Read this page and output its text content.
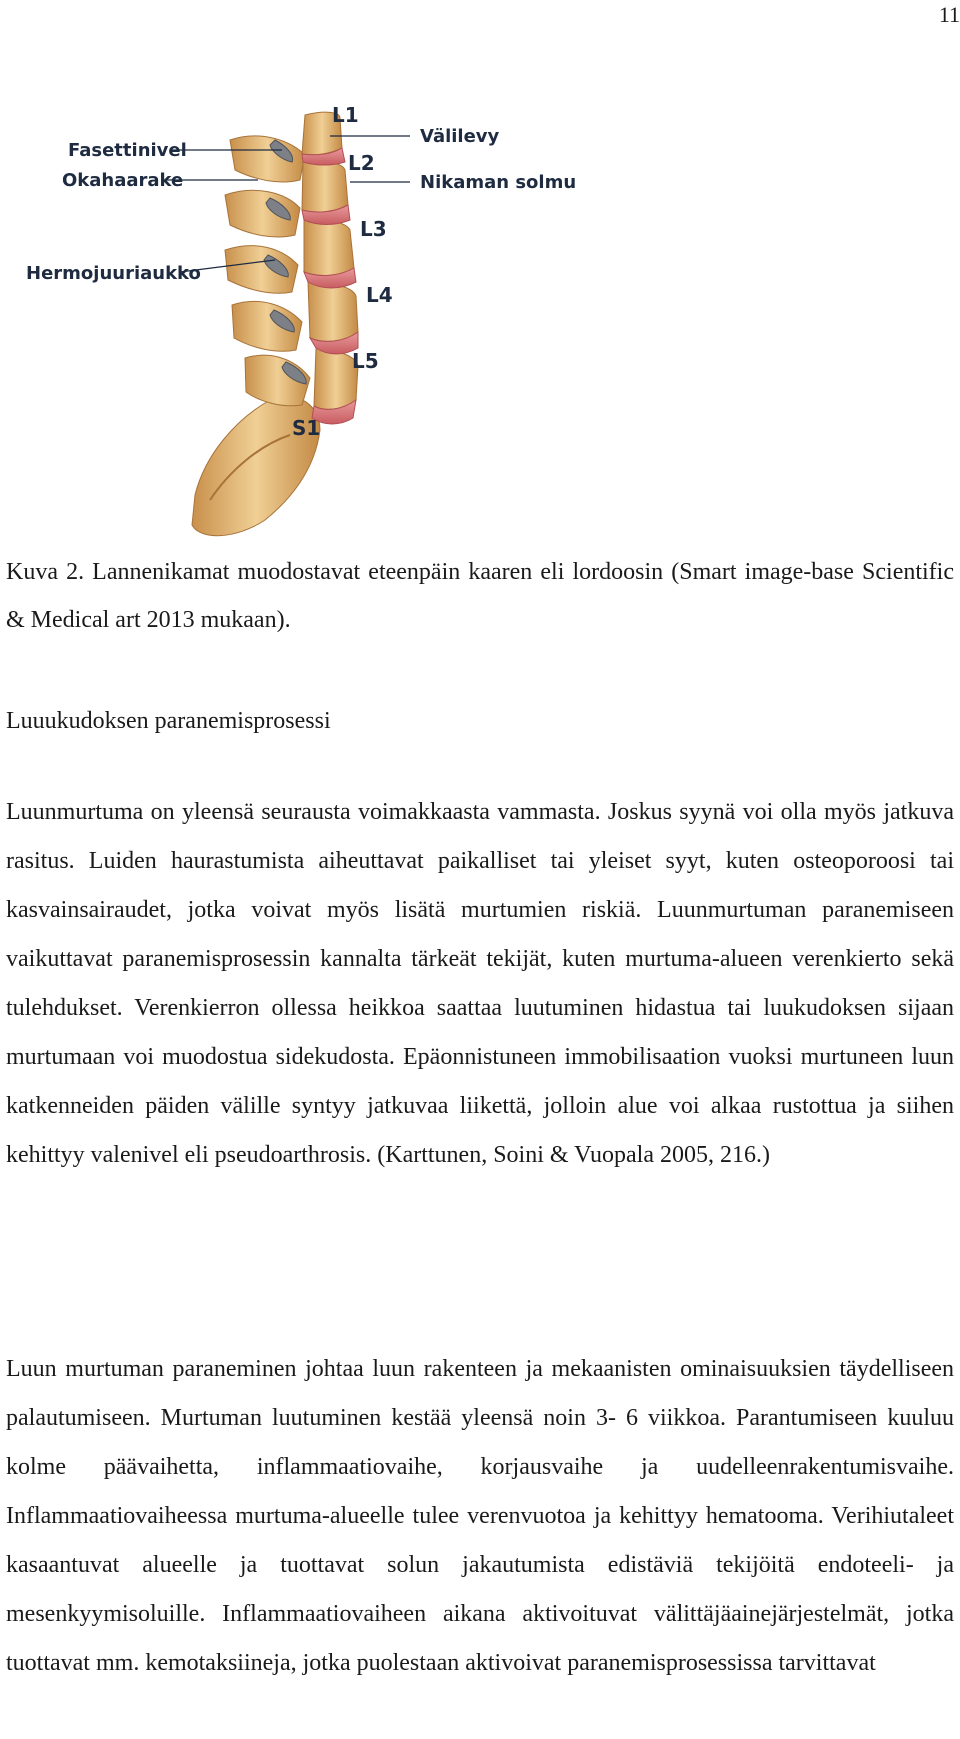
11
Fasettinivel
Okahaarake
Hermojuuriaukko
Välilevy
Nikaman solmu
L1
L2
L3
L4
L5
S1

Kuva 2. Lannenikamat muodostavat eteenpäin kaaren eli lordoosin (Smart image-base Scientific & Medical art 2013 mukaan).

Luuukudoksen paranemisprosessi

Luunmurtuma on yleensä seurausta voimakkaasta vammasta. Joskus syynä voi olla myös jatkuva rasitus. Luiden haurastumista aiheuttavat paikalliset tai yleiset syyt, kuten osteoporoosi tai kasvainsairaudet, jotka voivat myös lisätä murtumien riskiä. Luunmurtuman paranemiseen vaikuttavat paranemisprosessin kannalta tärkeät tekijät, kuten murtuma-alueen verenkierto sekä tulehdukset. Verenkierron ollessa heikkoa saattaa luutuminen hidastua tai luukudoksen sijaan murtumaan voi muodostua sidekudosta. Epäonnistuneen immobilisaation vuoksi murtuneen luun katkenneiden päiden välille syntyy jatkuvaa liikettä, jolloin alue voi alkaa rustottua ja siihen kehittyy valenivel eli pseudoarthrosis. (Karttunen, Soini & Vuopala 2005, 216.)

Luun murtuman paraneminen johtaa luun rakenteen ja mekaanisten ominaisuuksien täydelliseen palautumiseen. Murtuman luutuminen kestää yleensä noin 3- 6 viikkoa. Parantumiseen kuuluu kolme päävaihetta, inflammaatiovaihe, korjausvaihe ja uudelleenrakentumisvaihe. Inflammaatiovaiheessa murtuma-alueelle tulee verenvuotoa ja kehittyy hematooma. Verihiutaleet kasaantuvat alueelle ja tuottavat solun jakautumista edistäviä tekijöitä endoteeli- ja mesenkyymisoluille. Inflammaatiovaiheen aikana aktivoituvat välittäjäainejärjestelmät, jotka tuottavat mm. kemotaksiineja, jotka puolestaan aktivoivat paranemisprosessissa tarvittavat
